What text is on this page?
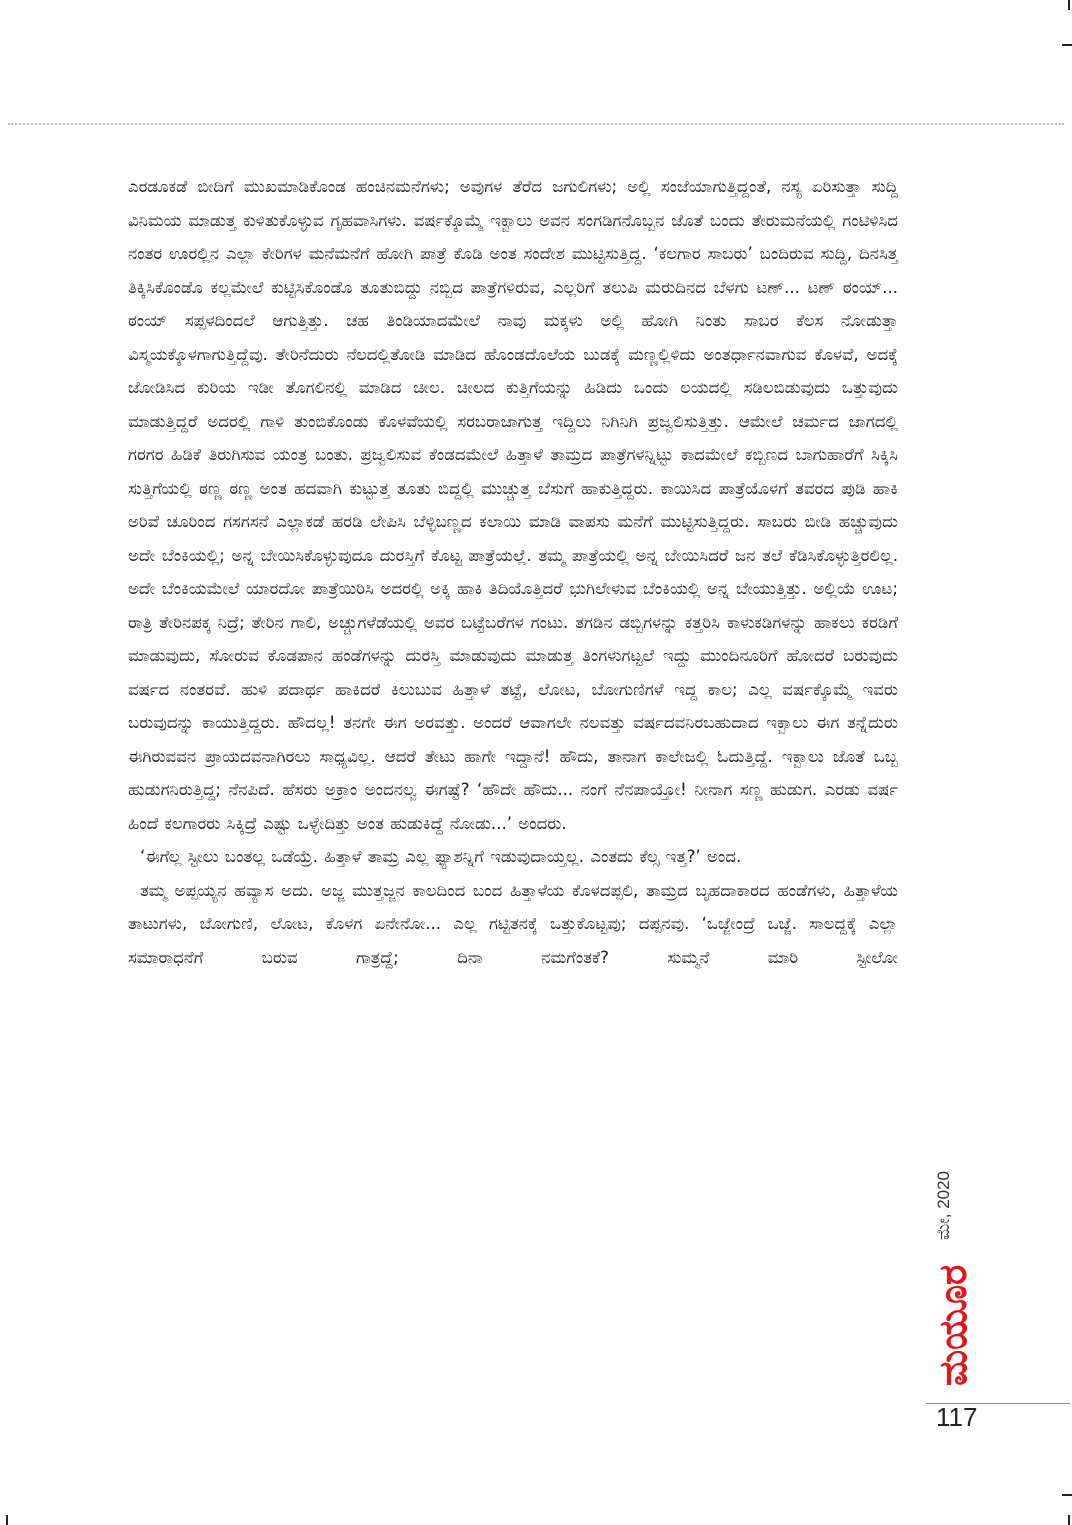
ಎರಡೂಕಡೆ ಬೀದಿಗೆ ಮುಖಮಾಡಿಕೊಂಡ ಹಂಚಿನಮನೆಗಳು; ಅವುಗಳ ತೆರೆದ ಜಗುಲಿಗಳು; ಅಲ್ಲಿ ಸಂಜೆಯಾಗುತ್ತಿದ್ದಂತೆ, ನಸ್ಯ ಏರಿಸುತ್ತಾ ಸುದ್ದಿ ವಿನಿಮಯ ಮಾಡುತ್ತ ಕುಳಿತುಕೊಳ್ಳುವ ಗೃಹವಾಸಿಗಳು. ವರ್ಷಕ್ಕೊಮ್ಮೆ ಇಕ್ಬಾಲು ಅವನ ಸಂಗಡಿಗನೊಬ್ಬನ ಜೊತೆ ಬಂದು ತೇರುಮನೆಯಲ್ಲಿ ಗಂಟಿಳಿಸಿದ ನಂತರ ಊರಲ್ಲಿನ ಎಲ್ಲಾ ಕೇರಿಗಳ ಮನೆಮನೆಗೆ ಹೋಗಿ ಪಾತ್ರೆ ಕೊಡಿ ಅಂತ ಸಂದೇಶ ಮುಟ್ಟಿಸುತ್ತಿದ್ದ. ‘ಕಲಗಾರ ಸಾಬರು’ ಬಂದಿರುವ ಸುದ್ದಿ, ದಿನಸಿತ್ತ ತಿಕ್ಕಿಸಿಕೊಂಡೊ ಕಲ್ಲಮೇಲೆ ಕುಟ್ಟಿಸಿಕೊಂಡೊ ತೂತುಬಿದ್ದು ನಬ್ಬಿದ ಪಾತ್ರೆಗಳಿರುವ, ಎಲ್ಲರಿಗೆ ತಲುಪಿ ಮರುದಿನದ ಬೆಳಗು ಟಣ್... ಟಣ್ ಠಂಯ್... ಠಂಯ್ ಸಪ್ಪಳದಿಂದಲೆ ಆಗುತ್ತಿತ್ತು. ಚಹ ತಿಂಡಿಯಾದಮೇಲೆ ನಾವು ಮಕ್ಕಳು ಅಲ್ಲಿ ಹೋಗಿ ನಿಂತು ಸಾಬರ ಕೆಲಸ ನೋಡುತ್ತಾ ವಿಸ್ಮಯಕ್ಕೊಳಗಾಗುತ್ತಿದ್ದೆವು. ತೇರಿನೆದುರು ನೆಲದಲ್ಲಿತೋಡಿ ಮಾಡಿದ ಹೊಂಡದೊಲೆಯ ಬುಡಕ್ಕೆ ಮಣ್ಣಲ್ಲಿಳಿದು ಅಂತರ್ಧಾನವಾಗುವ ಕೊಳವೆ, ಅದಕ್ಕೆ ಜೋಡಿಸಿದ ಕುರಿಯ ಇಡೀ ತೊಗಲಿನಲ್ಲಿ ಮಾಡಿದ ಚೀಲ. ಚೀಲದ ಕುತ್ತಿಗೆಯನ್ನು ಹಿಡಿದು ಒಂದು ಲಯದಲ್ಲಿ ಸಡಿಲಬಿಡುವುದು ಒತ್ತುವುದು ಮಾಡುತ್ತಿದ್ದರೆ ಅದರಲ್ಲಿ ಗಾಳಿ ತುಂಬಿಕೊಂಡು ಕೊಳವೆಯಲ್ಲಿ ಸರಬರಾಜಾಗುತ್ತ ಇದ್ದಿಲು ನಿಗಿನಿಗಿ ಪ್ರಜ್ವಲಿಸುತ್ತಿತ್ತು. ಆಮೇಲೆ ಚರ್ಮದ ಜಾಗದಲ್ಲಿ ಗರಗರ ಹಿಡಿಕೆ ತಿರುಗಿಸುವ ಯಂತ್ರ ಬಂತು. ಪ್ರಜ್ವಲಿಸುವ ಕೆಂಡದಮೇಲೆ ಹಿತ್ತಾಳೆ ತಾಮ್ರದ ಪಾತ್ರೆಗಳನ್ನಿಟ್ಟು ಕಾದಮೇಲೆ ಕಬ್ಬಿಣದ ಬಾಗುಹಾರೆಗೆ ಸಿಕ್ಕಿಸಿ ಸುತ್ತಿಗೆಯಲ್ಲಿ ಠಣ್ಣ ಠಣ್ಣ ಅಂತ ಹದವಾಗಿ ಕುಟ್ಟುತ್ತ ತೂತು ಬಿದ್ದಲ್ಲಿ ಮುಚ್ಚುತ್ತ ಬೆಸುಗೆ ಹಾಕುತ್ತಿದ್ದರು. ಕಾಯಿಸಿದ ಪಾತ್ರೆಯೊಳಗೆ ತವರದ ಪುಡಿ ಹಾಕಿ ಅರಿವೆ ಚೂರಿಂದ ಗಸಗಸನೆ ಎಲ್ಲಾಕಡೆ ಹರಡಿ ಲೇಪಿಸಿ ಬೆಳ್ಳಿಬಣ್ಣದ ಕಲಾಯಿ ಮಾಡಿ ವಾಪಸು ಮನೆಗೆ ಮುಟ್ಟಿಸುತ್ತಿದ್ದರು. ಸಾಬರು ಬೀಡಿ ಹಚ್ಚುವುದು ಅದೇ ಬೆಂಕಿಯಲ್ಲಿ; ಅನ್ನ ಬೇಯಿಸಿಕೊಳ್ಳುವುದೂ ದುರಸ್ತಿಗೆ ಕೊಟ್ಟ ಪಾತ್ರೆಯಲ್ಲೆ. ತಮ್ಮ ಪಾತ್ರೆಯಲ್ಲಿ ಅನ್ನ ಬೇಯಿಸಿದರೆ ಜನ ತಲೆ ಕೆಡಿಸಿಕೊಳ್ಳುತ್ತಿರಲಿಲ್ಲ. ಅದೇ ಬೆಂಕಿಯಮೇಲೆ ಯಾರದೋ ಪಾತ್ರೆಯಿರಿಸಿ ಅದರಲ್ಲಿ ಅಕ್ಕಿ ಹಾಕಿ ತಿದಿಯೊತ್ತಿದರೆ ಭುಗಿಲೇಳುವ ಬೆಂಕಿಯಲ್ಲಿ ಅನ್ನ ಬೇಯುತ್ತಿತ್ತು. ಅಲ್ಲಿಯೆ ಊಟ; ರಾತ್ರಿ ತೇರಿನಪಕ್ಕ ನಿದ್ರೆ; ತೇರಿನ ಗಾಲಿ, ಅಚ್ಚುಗಳೆಡೆಯಲ್ಲಿ ಅವರ ಬಟ್ಟೆಬರೆಗಳ ಗಂಟು. ತಗಡಿನ ಡಬ್ಬಿಗಳನ್ನು ಕತ್ತರಿಸಿ ಕಾಳುಕಡಿಗಳನ್ನು ಹಾಕಲು ಕರಡಿಗೆ ಮಾಡುವುದು, ಸೋರುವ ಕೊಡಪಾನ ಹಂಡೆಗಳನ್ನು ದುರಸ್ತಿ ಮಾಡುವುದು ಮಾಡುತ್ತ ತಿಂಗಳುಗಟ್ಟಲೆ ಇದ್ದು ಮುಂದಿನೂರಿಗೆ ಹೋದರೆ ಬರುವುದು ವರ್ಷದ ನಂತರವೆ. ಹುಳಿ ಪದಾರ್ಥ ಹಾಕಿದರೆ ಕಿಲುಬುವ ಹಿತ್ತಾಳೆ ತಟ್ಟೆ, ಲೋಟ, ಬೋಗುಣಿಗಳೆ ಇದ್ದ ಕಾಲ; ಎಲ್ಲ ವರ್ಷಕ್ಕೊಮ್ಮೆ ಇವರು ಬರುವುದನ್ನು ಕಾಯುತ್ತಿದ್ದರು. ಹೌದಲ್ಲ! ತನಗೇ ಈಗ ಅರವತ್ತು. ಅಂದರೆ ಆವಾಗಲೇ ನಲವತ್ತು ವರ್ಷದವನಿರಬಹುದಾದ ಇಕ್ಬಾಲು ಈಗ ತನ್ನೆದುರು ಈಗಿರುವವನ ಪ್ರಾಯದವನಾಗಿರಲು ಸಾಧ್ಯವಿಲ್ಲ. ಆದರೆ ತೇಟು ಹಾಗೇ ಇದ್ದಾನೆ! ಹೌದು, ತಾನಾಗ ಕಾಲೇಜಲ್ಲಿ ಓದುತ್ತಿದ್ದೆ. ಇಕ್ಬಾಲು ಜೊತೆ ಒಬ್ಬ ಹುಡುಗನಿರುತ್ತಿದ್ದ; ನೆನಪಿದೆ. ಹೆಸರು ಅಕ್ರಾಂ ಅಂದನಲ್ವ ಈಗಷ್ಟೆ? ‘ಹೌದೇ ಹೌದು... ನಂಗೆ ನೆನಪಾಯ್ತೋ! ನೀನಾಗ ಸಣ್ಣ ಹುಡುಗ. ಎರಡು ವರ್ಷ ಹಿಂದೆ ಕಲಗಾರರು ಸಿಕ್ಕಿದ್ರೆ ಎಷ್ಟು ಒಳ್ಳೇದಿತ್ತು ಅಂತ ಹುಡುಕಿದ್ದೆ ನೋಡು...’ ಅಂದರು.

‘ಈಗೆಲ್ಲ ಸ್ಟೀಲು ಬಂತಲ್ಲ ಒಡೆಯ್ರೆ. ಹಿತ್ತಾಳೆ ತಾಮ್ರ ಎಲ್ಲ ಫ್ಯಾಶನ್ನಿಗೆ ಇಡುವುದಾಯ್ತಲ್ಲ. ಎಂತದು ಕೆಲ್ಸ ಇತ್ತ?’ ಅಂದ.

ತಮ್ಮ ಅಪ್ಪಯ್ಯನ ಹವ್ಯಾಸ ಅದು. ಅಜ್ಜ ಮುತ್ತಜ್ಜನ ಕಾಲದಿಂದ ಬಂದ ಹಿತ್ತಾಳೆಯ ಕೊಳದಪ್ಪಲಿ, ತಾಮ್ರದ ಬೃಹದಾಕಾರದ ಹಂಡೆಗಳು, ಹಿತ್ತಾಳೆಯ ತಾಟುಗಳು, ಬೋಗುಣಿ, ಲೋಟ, ಕೊಳಗ ಏನೇನೋ... ಎಲ್ಲ ಗಟ್ಟಿತನಕ್ಕೆ ಒತ್ತುಕೊಟ್ಟವು; ದಪ್ಪನವು. ‘ಒಜ್ಜೇಂದ್ರೆ ಒಜ್ಜೆ. ಸಾಲದ್ದಕ್ಕೆ ಎಲ್ಲಾ ಸಮಾರಾಧನೆಗೆ ಬರುವ ಗಾತ್ರದ್ದೆ; ದಿನಾ ನಮಗೆಂತಕೆ? ಸುಮ್ಮನೆ ಮಾರಿ ಸ್ಟೀಲೋ

ಮೇ, 2020
ಮಯೂರ
117
